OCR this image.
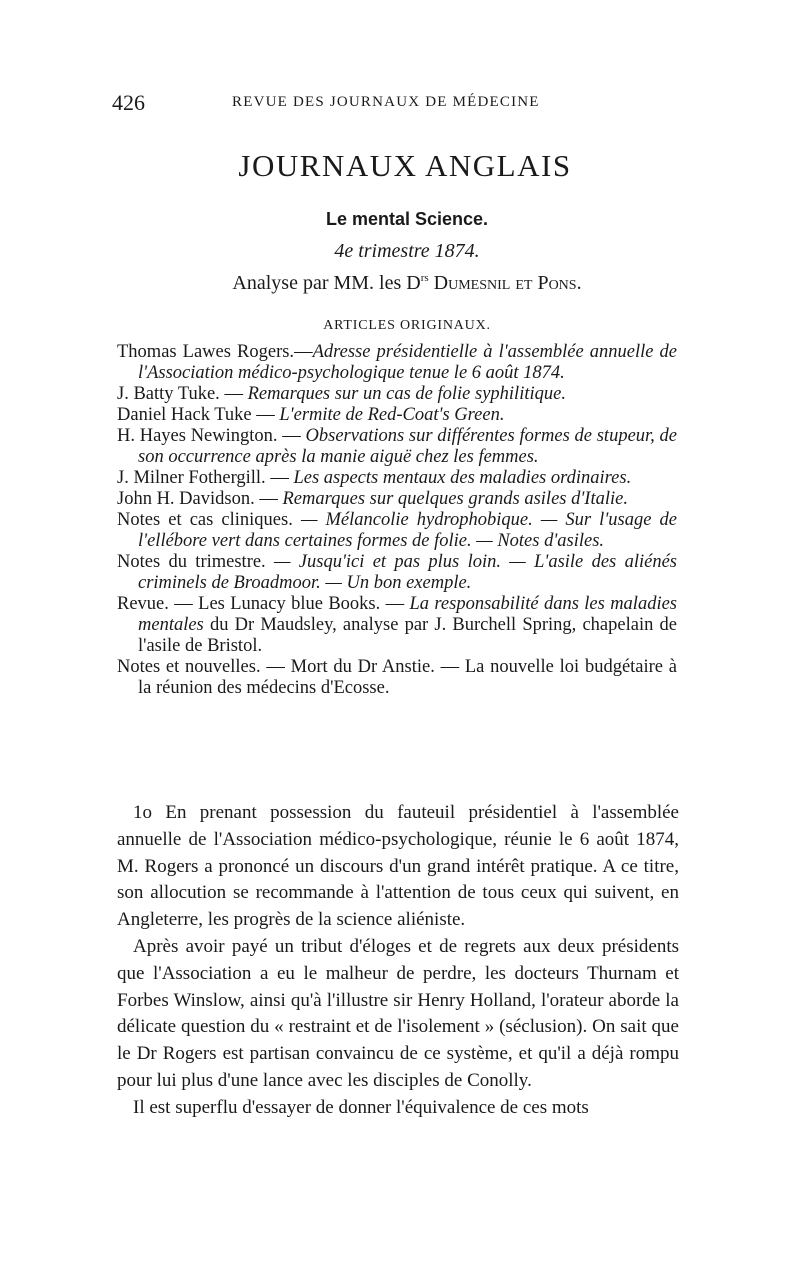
426	REVUE DES JOURNAUX DE MÉDECINE
JOURNAUX ANGLAIS
Le mental Science.
4e trimestre 1874.
Analyse par MM. les $D^{rs}$ Dumesnil et Pons.
ARTICLES ORIGINAUX.

Thomas Lawes Rogers.—Adresse présidentielle à l'assemblée annuelle de l'Association médico-psychologique tenue le 6 août 1874.

J. Batty Tuke. — Remarques sur un cas de folie syphilitique.

Daniel Hack Tuke — L'ermite de Red-Coat's Green.

H. Hayes Newington. — Observations sur différentes formes de stupeur, de son occurrence après la manie aiguë chez les femmes.

J. Milner Fothergill. — Les aspects mentaux des maladies ordinaires.

John H. Davidson. — Remarques sur quelques grands asiles d'Italie.

Notes et cas cliniques. — Mélancolie hydrophobique. — Sur l'usage de l'ellébore vert dans certaines formes de folie. — Notes d'asiles.

Notes du trimestre. — Jusqu'ici et pas plus loin. — L'asile des aliénés criminels de Broadmoor. — Un bon exemple.

Revue. — Les Lunacy blue Books. — La responsabilité dans les maladies mentales du Dr Maudsley, analyse par J. Burchell Spring, chapelain de l'asile de Bristol.

Notes et nouvelles. — Mort du Dr Anstie. — La nouvelle loi budgétaire à la réunion des médecins d'Ecosse.

1o En prenant possession du fauteuil présidentiel à l'assemblée annuelle de l'Association médico-psychologique, réunie le 6 août 1874, M. Rogers a prononcé un discours d'un grand intérêt pratique. A ce titre, son allocution se recommande à l'attention de tous ceux qui suivent, en Angleterre, les progrès de la science aliéniste.

Après avoir payé un tribut d'éloges et de regrets aux deux présidents que l'Association a eu le malheur de perdre, les docteurs Thurnam et Forbes Winslow, ainsi qu'à l'illustre sir Henry Holland, l'orateur aborde la délicate question du « restraint et de l'isolement » (séclusion). On sait que le Dr Rogers est partisan convaincu de ce système, et qu'il a déjà rompu pour lui plus d'une lance avec les disciples de Conolly.

Il est superflu d'essayer de donner l'équivalence de ces mots
